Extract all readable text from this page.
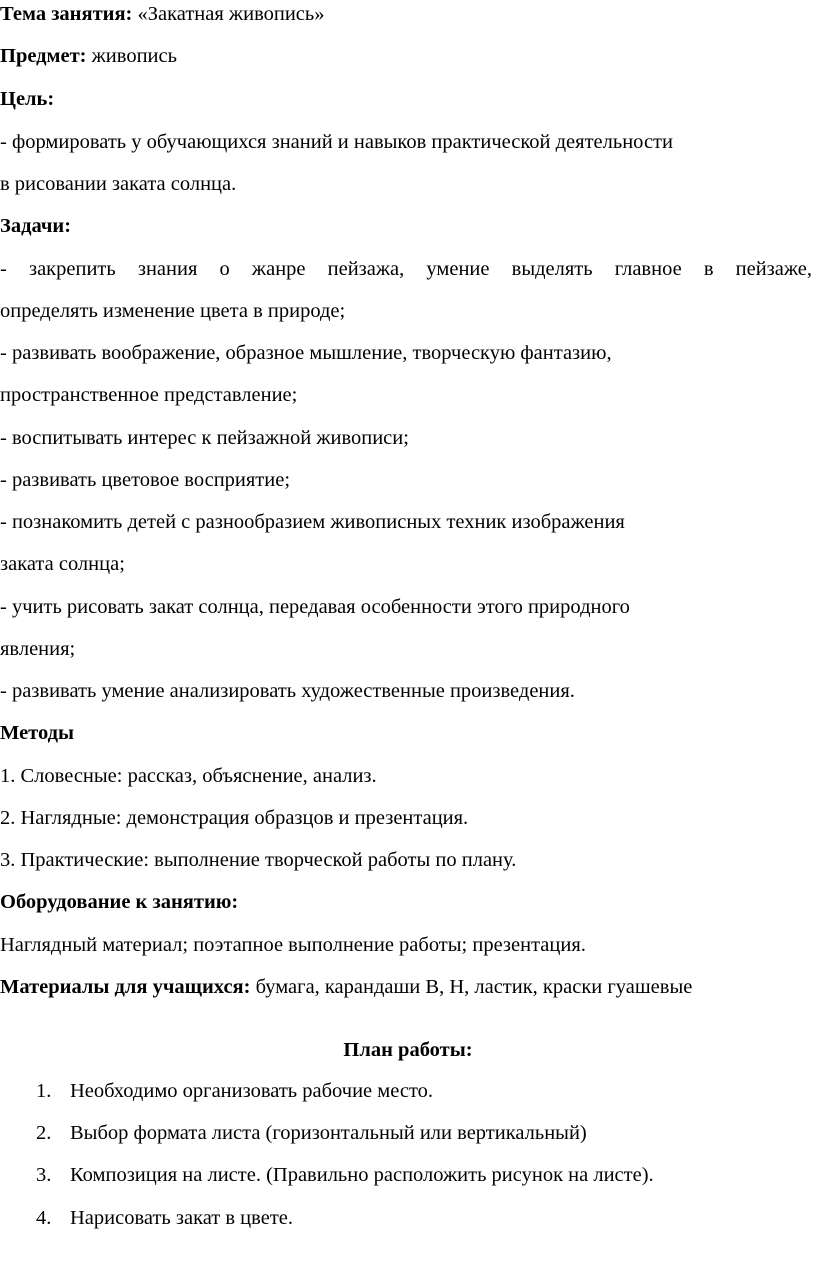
Тема занятия: «Закатная живопись»
Предмет: живопись
Цель:
- формировать у обучающихся знаний и навыков практической деятельности
в рисовании заката солнца.
Задачи:
- закрепить знания о жанре пейзажа, умение выделять главное в пейзаже,
определять изменение цвета в природе;
- развивать воображение, образное мышление, творческую фантазию,
пространственное представление;
- воспитывать интерес к пейзажной живописи;
- развивать цветовое восприятие;
- познакомить детей с разнообразием живописных техник изображения
заката солнца;
- учить рисовать закат солнца, передавая особенности этого природного
явления;
- развивать умение анализировать художественные произведения.
Методы
1. Словесные: рассказ, объяснение, анализ.
2. Наглядные: демонстрация образцов и презентация.
3. Практические: выполнение творческой работы по плану.
Оборудование к занятию:
Наглядный материал; поэтапное выполнение работы; презентация.
Материалы для учащихся: бумага, карандаши В, Н, ластик, краски гуашевые
План работы:
1. Необходимо организовать рабочие место.
2. Выбор формата листа (горизонтальный или вертикальный)
3. Композиция на листе. (Правильно расположить рисунок на листе).
4. Нарисовать закат в цвете.
